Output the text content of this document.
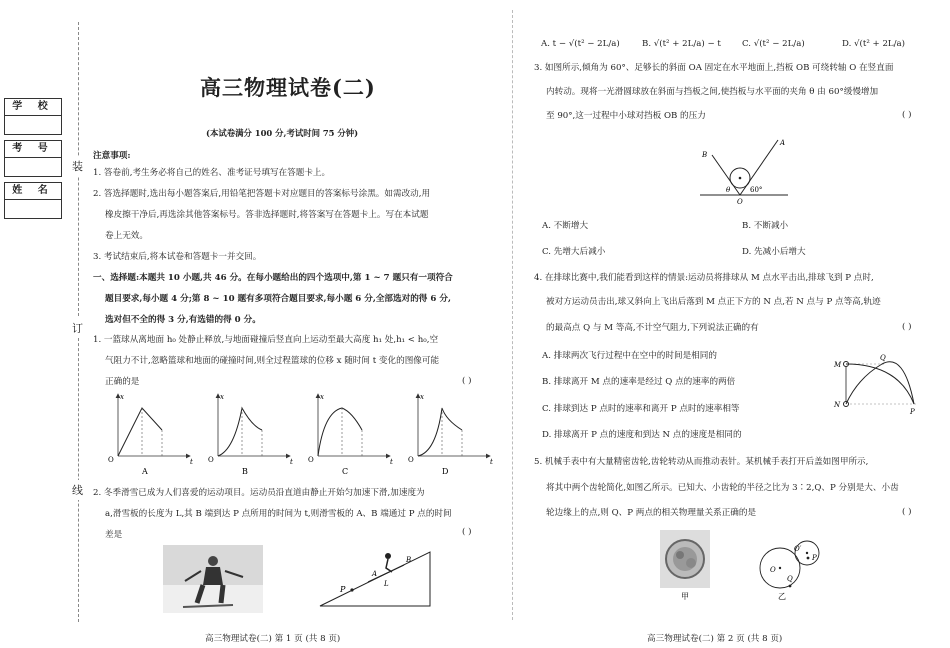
学 校
考 号
姓 名
装
订
线
高三物理试卷(二)
(本试卷满分 100 分,考试时间 75 分钟)
注意事项:
1. 答卷前,考生务必将自己的姓名、准考证号填写在答题卡上。
2. 答选择题时,选出每小题答案后,用铅笔把答题卡对应题目的答案标号涂黑。如需改动,用
橡皮擦干净后,再选涂其他答案标号。答非选择题时,将答案写在答题卡上。写在本试题
卷上无效。
3. 考试结束后,将本试卷和答题卡一并交回。
一、选择题:本题共 10 小题,共 46 分。在每小题给出的四个选项中,第 1 ~ 7 题只有一项符合
题目要求,每小题 4 分;第 8 ~ 10 题有多项符合题目要求,每小题 6 分,全部选对的得 6 分,
选对但不全的得 3 分,有选错的得 0 分。
1. 一篮球从离地面 h₀ 处静止释放,与地面碰撞后竖直向上运动至最大高度 h₁ 处,h₁ < h₀,空
气阻力不计,忽略篮球和地面的碰撞时间,则全过程篮球的位移 x 随时间 t 变化的图像可能
正确的是	( )
O
x
t
A
O
x
t
B
O
x
t
C
O
x
t
D
2. 冬季滑雪已成为人们喜爱的运动项目。运动员沿直道由静止开始匀加速下滑,加速度为
a,滑雪板的长度为 L,其 B 端到达 P 点所用的时间为 t,则滑雪板的 A、B 端通过 P 点的时间
差是	( )
P
A
L
B
高三物理试卷(二) 第 1 页 (共 8 页)
A. t − √(t² − 2L/a)	B. √(t² + 2L/a) − t C. √(t² − 2L/a)	D. √(t² + 2L/a)
3. 如图所示,倾角为 60°、足够长的斜面 OA 固定在水平地面上,挡板 OB 可绕转轴 O 在竖直面
内转动。现将一光滑圆球放在斜面与挡板之间,使挡板与水平面的夹角 θ 由 60°缓慢增加
至 90°,这一过程中小球对挡板 OB 的压力	( )
B
A
θ	60°
O
A. 不断增大	B. 不断减小
C. 先增大后减小	D. 先减小后增大
4. 在排球比赛中,我们能看到这样的情景:运动员将排球从 M 点水平击出,排球飞到 P 点时,
被对方运动员击出,球又斜向上飞出后落到 M 点正下方的 N 点,若 N 点与 P 点等高,轨迹
的最高点 Q 与 M 等高,不计空气阻力,下列说法正确的有	( )
A. 排球两次飞行过程中在空中的时间是相同的
B. 排球离开 M 点的速率是经过 Q 点的速率的两倍
C. 排球到达 P 点时的速率和离开 P 点时的速率相等
D. 排球离开 P 点的速度和到达 N 点的速度是相同的
M
Q
N
P
5. 机械手表中有大量精密齿轮,齿轮转动从而推动表针。某机械手表打开后盖如图甲所示,
将其中两个齿轮简化,如图乙所示。已知大、小齿轮的半径之比为 3∶2,Q、P 分别是大、小齿
轮边缘上的点,则 Q、P 两点的相关物理量关系正确的是	( )
甲
O
Q
O′
P
乙
高三物理试卷(二) 第 2 页 (共 8 页)
